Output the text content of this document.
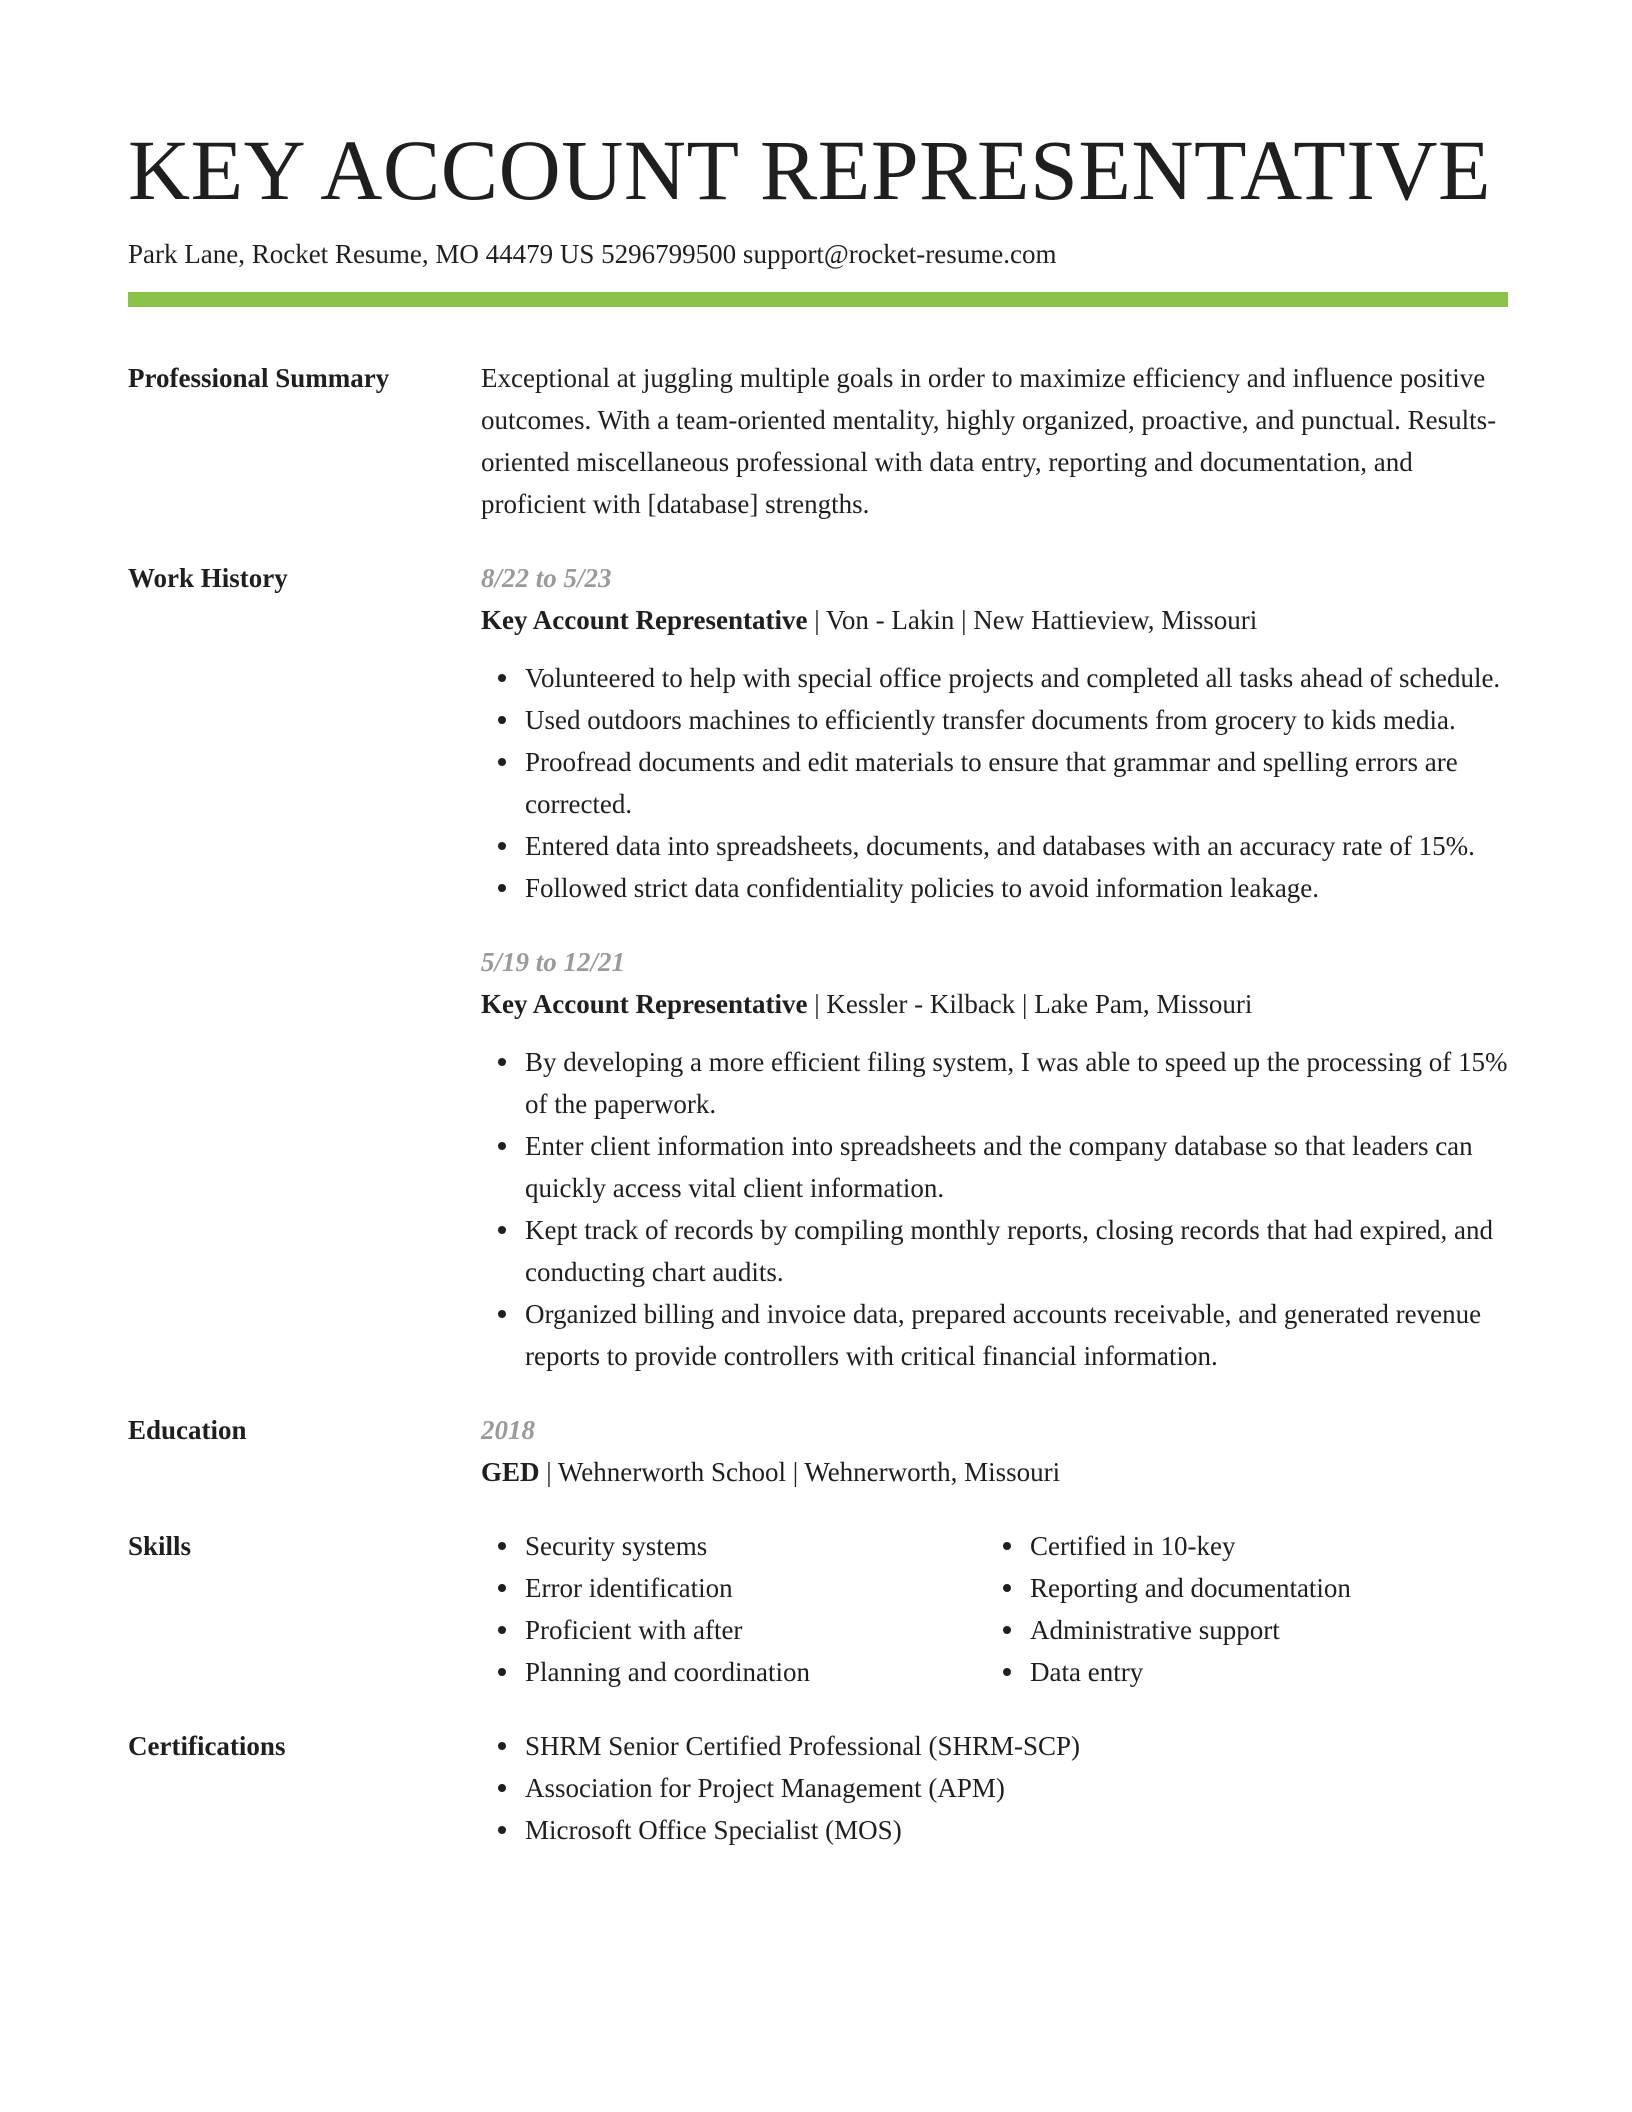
KEY ACCOUNT REPRESENTATIVE
Park Lane, Rocket Resume, MO 44479 US 5296799500 support@rocket-resume.com
Professional Summary	Exceptional at juggling multiple goals in order to maximize efficiency and influence positive outcomes. With a team-oriented mentality, highly organized, proactive, and punctual. Results-oriented miscellaneous professional with data entry, reporting and documentation, and proficient with [database] strengths.
Work History	8/22 to 5/23
Key Account Representative | Von - Lakin | New Hattieview, Missouri
Volunteered to help with special office projects and completed all tasks ahead of schedule.
Used outdoors machines to efficiently transfer documents from grocery to kids media.
Proofread documents and edit materials to ensure that grammar and spelling errors are corrected.
Entered data into spreadsheets, documents, and databases with an accuracy rate of 15%.
Followed strict data confidentiality policies to avoid information leakage.
5/19 to 12/21
Key Account Representative | Kessler - Kilback | Lake Pam, Missouri
By developing a more efficient filing system, I was able to speed up the processing of 15% of the paperwork.
Enter client information into spreadsheets and the company database so that leaders can quickly access vital client information.
Kept track of records by compiling monthly reports, closing records that had expired, and conducting chart audits.
Organized billing and invoice data, prepared accounts receivable, and generated revenue reports to provide controllers with critical financial information.
Education	2018
GED | Wehnerworth School | Wehnerworth, Missouri
Skills	Security systems
Error identification
Proficient with after
Planning and coordination
Certified in 10-key
Reporting and documentation
Administrative support
Data entry
Certifications	SHRM Senior Certified Professional (SHRM-SCP)
Association for Project Management (APM)
Microsoft Office Specialist (MOS)
